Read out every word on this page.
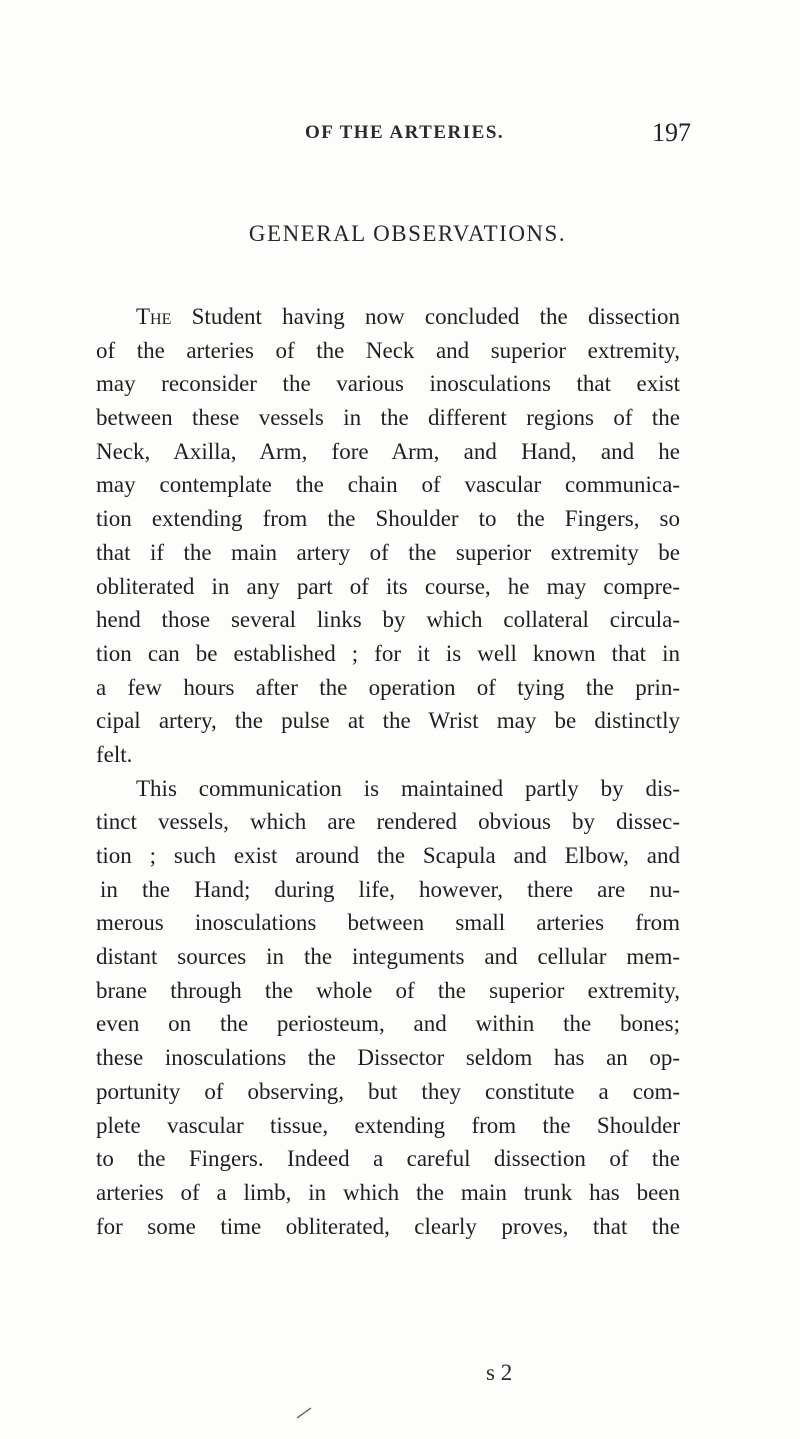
OF THE ARTERIES.	197
GENERAL OBSERVATIONS.
The Student having now concluded the dissection
of the arteries of the Neck and superior extremity,
may reconsider the various inosculations that exist
between these vessels in the different regions of the
Neck, Axilla, Arm, fore Arm, and Hand, and he
may contemplate the chain of vascular communica-
tion extending from the Shoulder to the Fingers, so
that if the main artery of the superior extremity be
obliterated in any part of its course, he may compre-
hend those several links by which collateral circula-
tion can be established ; for it is well known that in
a few hours after the operation of tying the prin-
cipal artery, the pulse at the Wrist may be distinctly
felt.
This communication is maintained partly by dis-
tinct vessels, which are rendered obvious by dissec-
tion ; such exist around the Scapula and Elbow, and
in the Hand; during life, however, there are nu-
merous inosculations between small arteries from
distant sources in the integuments and cellular mem-
brane through the whole of the superior extremity,
even on the periosteum, and within the bones;
these inosculations the Dissector seldom has an op-
portunity of observing, but they constitute a com-
plete vascular tissue, extending from the Shoulder
to the Fingers. Indeed a careful dissection of the
arteries of a limb, in which the main trunk has been
for some time obliterated, clearly proves, that the
s 2
